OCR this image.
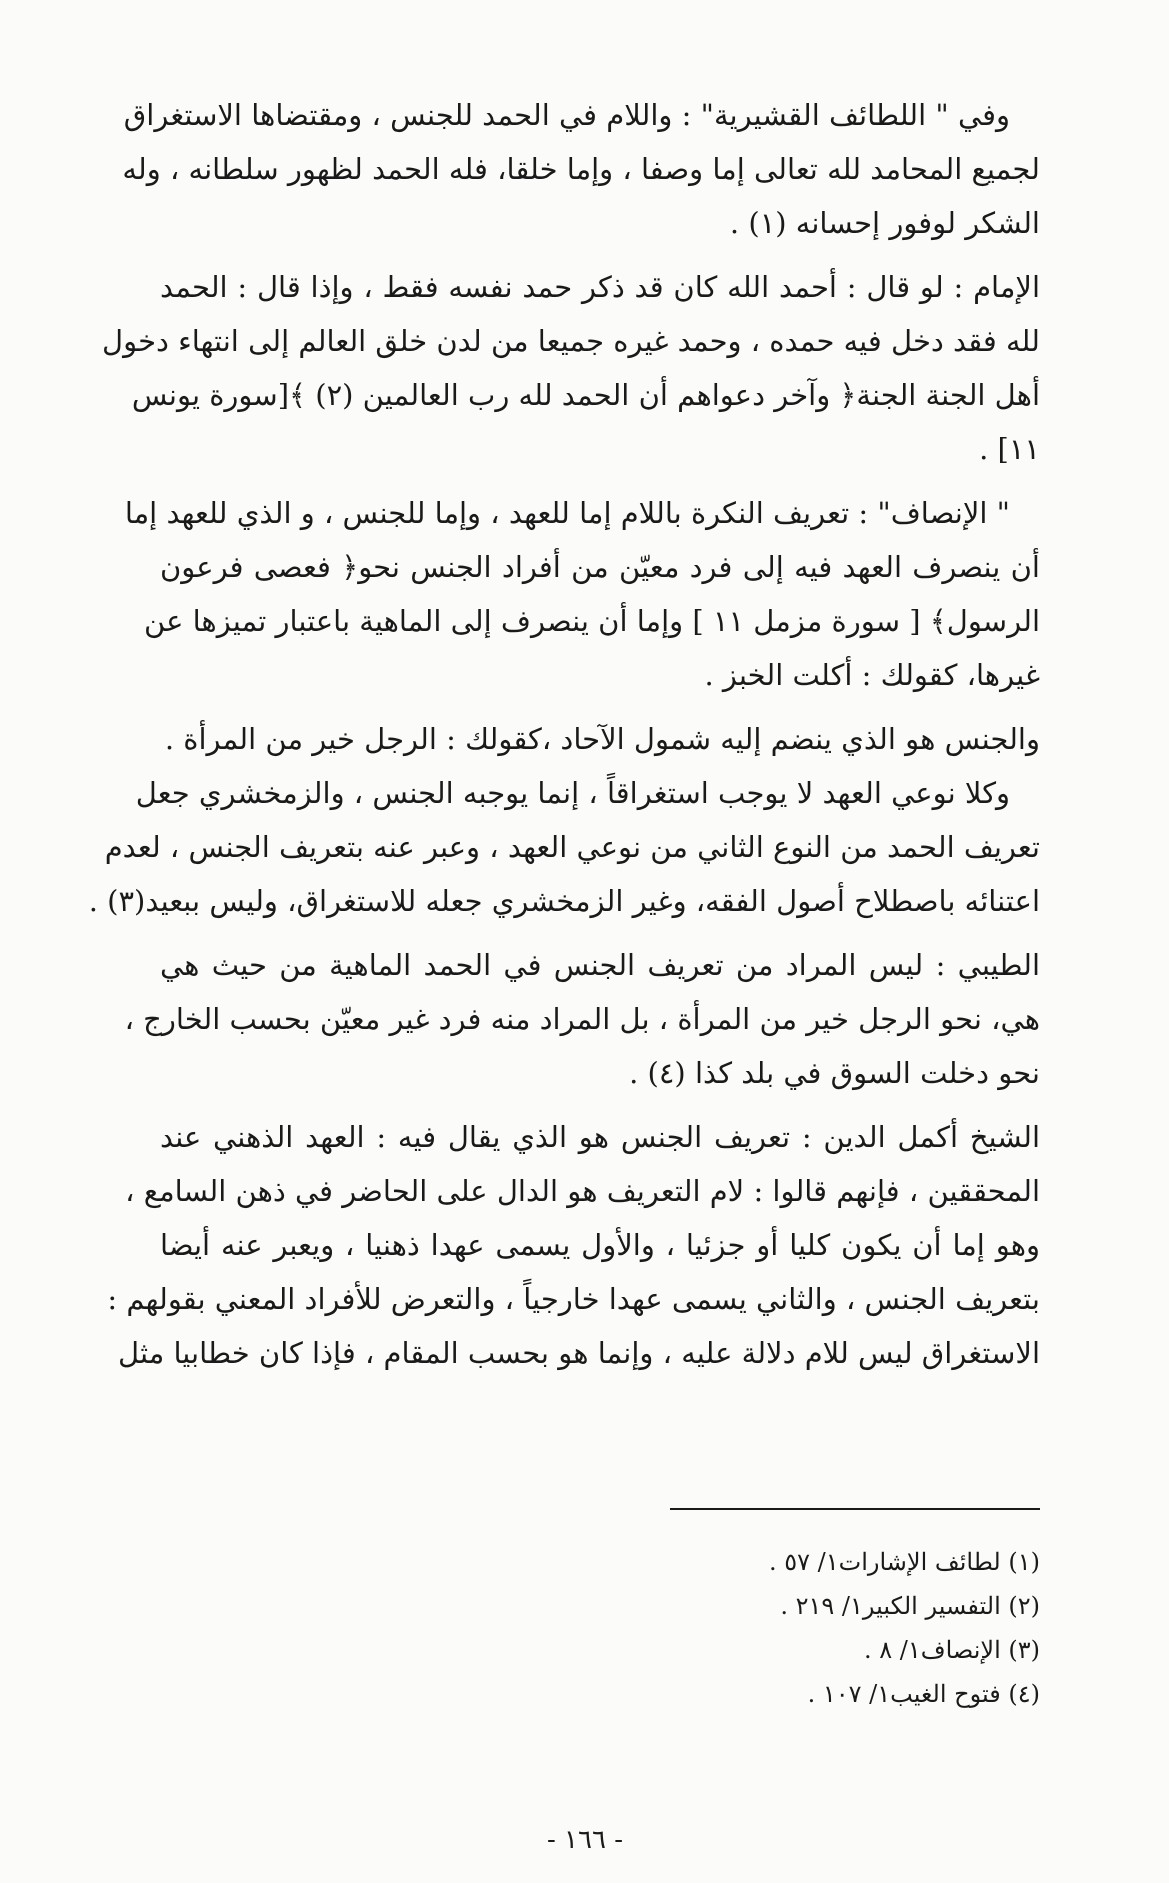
وفي " اللطائف القشيرية" : واللام في الحمد للجنس ، ومقتضاها الاستغراق
لجميع المحامد لله تعالى إما وصفا ، وإما خلقا، فله الحمد لظهور سلطانه ، وله
الشكر لوفور إحسانه (١) .
الإمام : لو قال : أحمد الله كان قد ذكر حمد نفسه فقط ، وإذا قال : الحمد
لله فقد دخل فيه حمده ، وحمد غيره جميعا من لدن خلق العالم إلى انتهاء دخول
أهل الجنة الجنة﴿ وآخر دعواهم أن الحمد لله رب العالمين (٢) ﴾[سورة يونس
١١] .
" الإنصاف" : تعريف النكرة باللام إما للعهد ، وإما للجنس ، و الذي للعهد إما
أن ينصرف العهد فيه إلى فرد معيّن من أفراد الجنس نحو﴿ فعصى فرعون
الرسول﴾ [ سورة مزمل ١١ ] وإما أن ينصرف إلى الماهية باعتبار تميزها عن
غيرها، كقولك : أكلت الخبز .
والجنس هو الذي ينضم إليه شمول الآحاد ،كقولك : الرجل خير من المرأة .
وكلا نوعي العهد لا يوجب استغراقاً ، إنما يوجبه الجنس ، والزمخشري جعل
تعريف الحمد من النوع الثاني من نوعي العهد ، وعبر عنه بتعريف الجنس ، لعدم
اعتنائه باصطلاح أصول الفقه، وغير الزمخشري جعله للاستغراق، وليس ببعيد(٣) .
الطيبي : ليس المراد من تعريف الجنس في الحمد الماهية من حيث هي
هي، نحو الرجل خير من المرأة ، بل المراد منه فرد غير معيّن بحسب الخارج ،
نحو دخلت السوق في بلد كذا (٤) .
الشيخ أكمل الدين : تعريف الجنس هو الذي يقال فيه : العهد الذهني عند
المحققين ، فإنهم قالوا : لام التعريف هو الدال على الحاضر في ذهن السامع ،
وهو إما أن يكون كليا أو جزئيا ، والأول يسمى عهدا ذهنيا ، ويعبر عنه أيضا
بتعريف الجنس ، والثاني يسمى عهدا خارجياً ، والتعرض للأفراد المعني بقولهم :
الاستغراق ليس للام دلالة عليه ، وإنما هو بحسب المقام ، فإذا كان خطابيا مثل
(١) لطائف الإشارات١/ ٥٧ .
(٢) التفسير الكبير١/ ٢١٩ .
(٣) الإنصاف١/ ٨ .
(٤) فتوح الغيب١/ ١٠٧ .
- ١٦٦ -
